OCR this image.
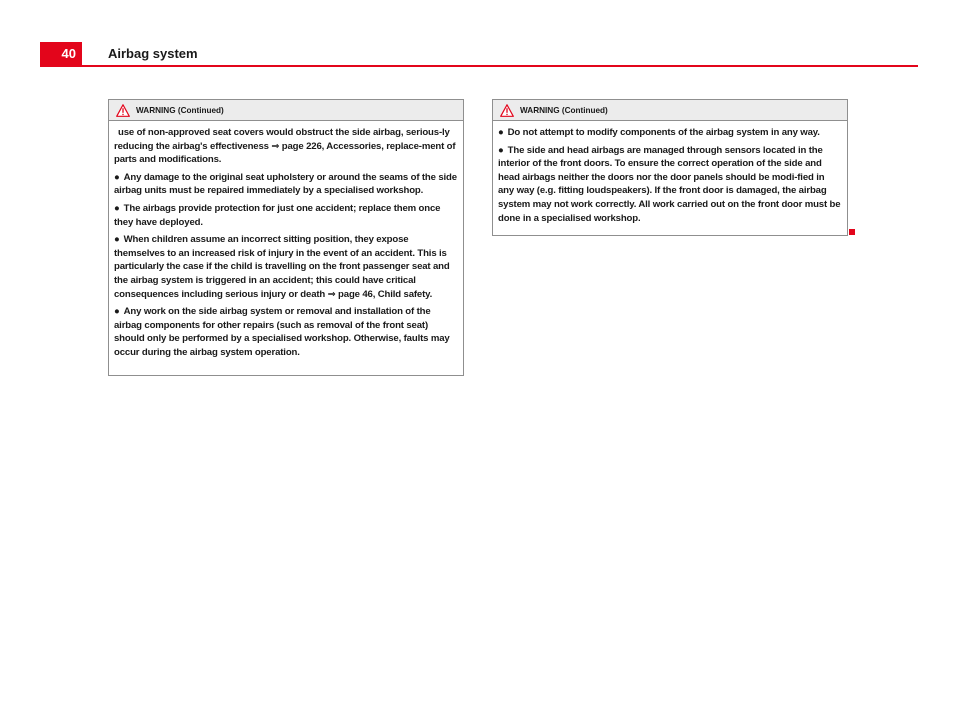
40	Airbag system
WARNING (Continued)

use of non-approved seat covers would obstruct the side airbag, serious-ly reducing the airbag's effectiveness ⇒ page 226, Accessories, replace-ment of parts and modifications.

● Any damage to the original seat upholstery or around the seams of the side airbag units must be repaired immediately by a specialised workshop.

● The airbags provide protection for just one accident; replace them once they have deployed.

● When children assume an incorrect sitting position, they expose themselves to an increased risk of injury in the event of an accident. This is particularly the case if the child is travelling on the front passenger seat and the airbag system is triggered in an accident; this could have critical consequences including serious injury or death ⇒ page 46, Child safety.

● Any work on the side airbag system or removal and installation of the airbag components for other repairs (such as removal of the front seat) should only be performed by a specialised workshop. Otherwise, faults may occur during the airbag system operation.

WARNING (Continued)

● Do not attempt to modify components of the airbag system in any way.

● The side and head airbags are managed through sensors located in the interior of the front doors. To ensure the correct operation of the side and head airbags neither the doors nor the door panels should be modi-fied in any way (e.g. fitting loudspeakers). If the front door is damaged, the airbag system may not work correctly. All work carried out on the front door must be done in a specialised workshop.
